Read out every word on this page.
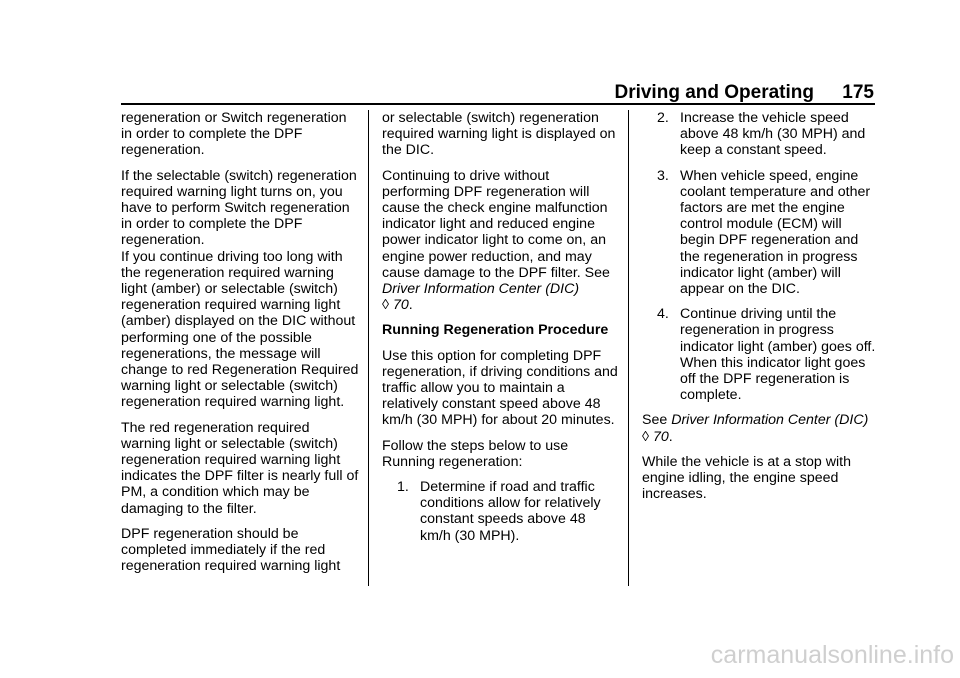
Driving and Operating 175

regeneration or Switch regeneration in order to complete the DPF regeneration.

If the selectable (switch) regeneration required warning light turns on, you have to perform Switch regeneration in order to complete the DPF regeneration.

If you continue driving too long with the regeneration required warning light (amber) or selectable (switch) regeneration required warning light (amber) displayed on the DIC without performing one of the possible regenerations, the message will change to red Regeneration Required warning light or selectable (switch) regeneration required warning light.

The red regeneration required warning light or selectable (switch) regeneration required warning light indicates the DPF filter is nearly full of PM, a condition which may be damaging to the filter.

DPF regeneration should be completed immediately if the red regeneration required warning light

or selectable (switch) regeneration required warning light is displayed on the DIC.

Continuing to drive without performing DPF regeneration will cause the check engine malfunction indicator light and reduced engine power indicator light to come on, an engine power reduction, and may cause damage to the DPF filter. See Driver Information Center (DIC)
◊ 70.

Running Regeneration Procedure

Use this option for completing DPF regeneration, if driving conditions and traffic allow you to maintain a relatively constant speed above 48 km/h (30 MPH) for about 20 minutes.

Follow the steps below to use Running regeneration:

1. Determine if road and traffic conditions allow for relatively constant speeds above 48 km/h (30 MPH).
2. Increase the vehicle speed above 48 km/h (30 MPH) and keep a constant speed.
3. When vehicle speed, engine coolant temperature and other factors are met the engine control module (ECM) will begin DPF regeneration and the regeneration in progress indicator light (amber) will appear on the DIC.
4. Continue driving until the regeneration in progress indicator light (amber) goes off. When this indicator light goes off the DPF regeneration is complete.

See Driver Information Center (DIC)
◊ 70.

While the vehicle is at a stop with engine idling, the engine speed increases.

carmanualsonline.info
